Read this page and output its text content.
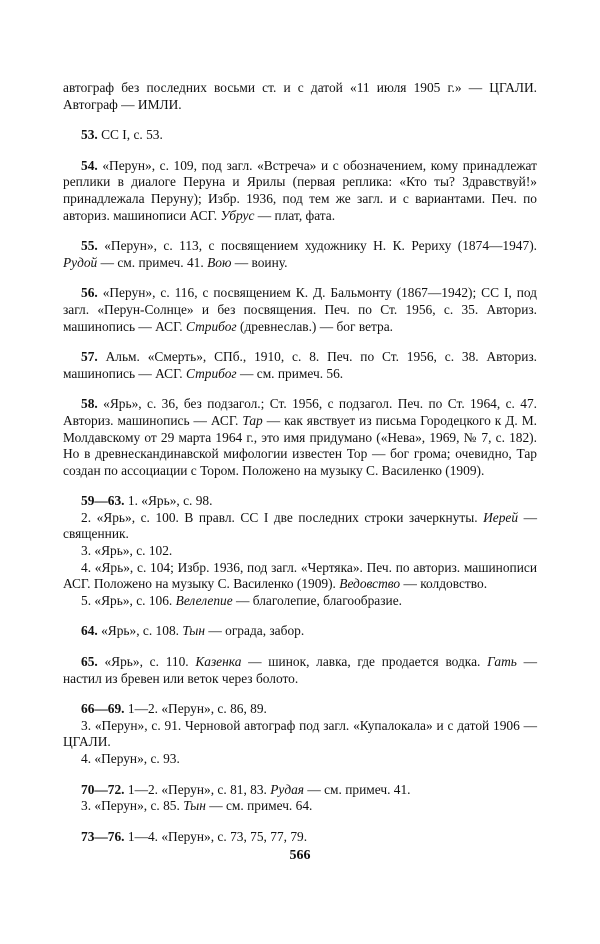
автограф без последних восьми ст. и с датой «11 июля 1905 г.» — ЦГАЛИ. Автограф — ИМЛИ.

53. СС I, с. 53.

54. «Перун», с. 109, под загл. «Встреча» и с обозначением, кому принадлежат реплики в диалоге Перуна и Ярилы (первая реплика: «Кто ты? Здравствуй!» принадлежала Перуну); Избр. 1936, под тем же загл. и с вариантами. Печ. по авториз. машинописи АСГ. Убрус — плат, фата.

55. «Перун», с. 113, с посвящением художнику Н. К. Рериху (1874—1947). Рудой — см. примеч. 41. Вою — воину.

56. «Перун», с. 116, с посвящением К. Д. Бальмонту (1867—1942); СС I, под загл. «Перун-Солнце» и без посвящения. Печ. по Ст. 1956, с. 35. Авториз. машинопись — АСГ. Стрибог (древнеслав.) — бог ветра.

57. Альм. «Смерть», СПб., 1910, с. 8. Печ. по Ст. 1956, с. 38. Авториз. машинопись — АСГ. Стрибог — см. примеч. 56.

58. «Ярь», с. 36, без подзагол.; Ст. 1956, с подзагол. Печ. по Ст. 1964, с. 47. Авториз. машинопись — АСГ. Тар — как явствует из письма Городецкого к Д. М. Молдавскому от 29 марта 1964 г., это имя придумано («Нева», 1969, № 7, с. 182). Но в древнескандинавской мифологии известен Тор — бог грома; очевидно, Тар создан по ассоциации с Тором. Положено на музыку С. Василенко (1909).

59—63. 1. «Ярь», с. 98.

2. «Ярь», с. 100. В правл. СС I две последних строки зачеркнуты. Иерей — священник.

3. «Ярь», с. 102.

4. «Ярь», с. 104; Избр. 1936, под загл. «Чертяка». Печ. по авториз. машинописи АСГ. Положено на музыку С. Василенко (1909). Ведовство — колдовство.

5. «Ярь», с. 106. Велелепие — благолепие, благообразие.

64. «Ярь», с. 108. Тын — ограда, забор.

65. «Ярь», с. 110. Казенка — шинок, лавка, где продается водка. Гать — настил из бревен или веток через болото.

66—69. 1—2. «Перун», с. 86, 89.

3. «Перун», с. 91. Черновой автограф под загл. «Купалокала» и с датой 1906 — ЦГАЛИ.

4. «Перун», с. 93.

70—72. 1—2. «Перун», с. 81, 83. Рудая — см. примеч. 41.

3. «Перун», с. 85. Тын — см. примеч. 64.

73—76. 1—4. «Перун», с. 73, 75, 77, 79.

566
